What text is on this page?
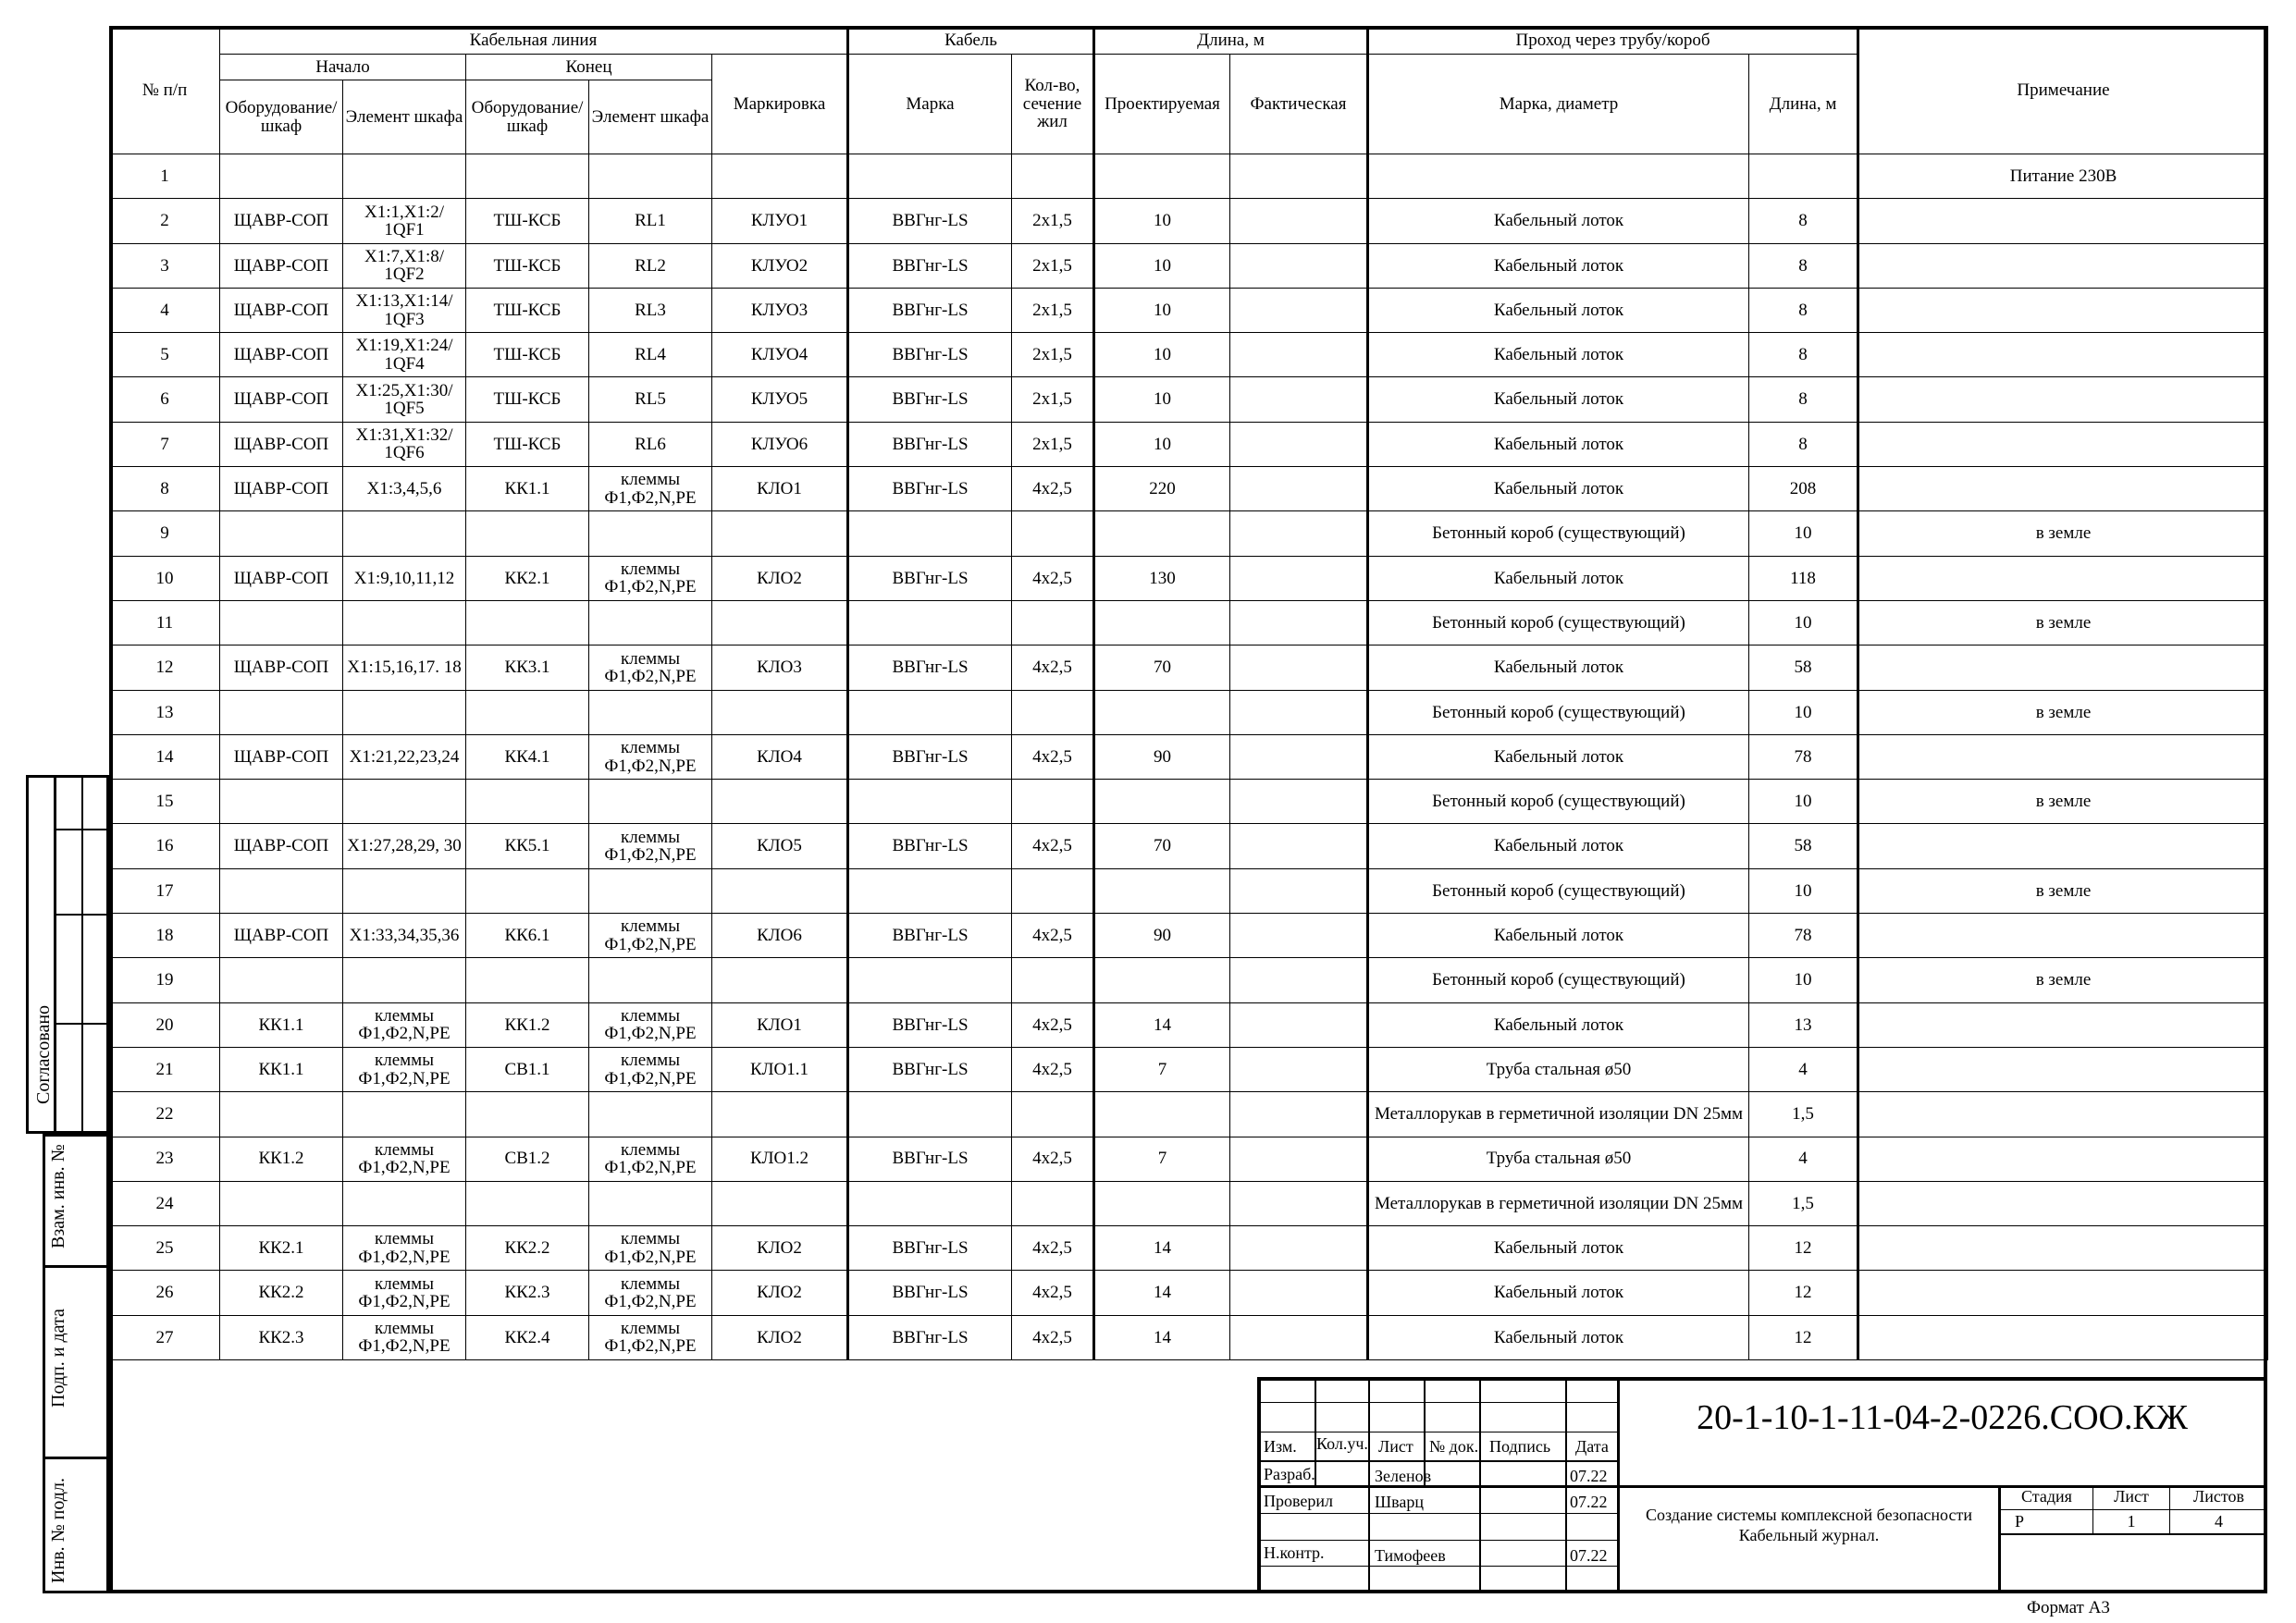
№ п/п	Кабельная линия					Кабель		Длина, м		Проход через трубу/короб		Примечание
	Начало		Конец		Маркировка	Марка	Кол-во, сечение жил	Проектируемая	Фактическая	Марка, диаметр	Длина, м	
	Оборудование/шкаф	Элемент шкафа	Оборудование/шкаф	Элемент шкафа								
1												Питание 230В
2	ЩАВР-СОП	X1:1,X1:2/ 1QF1	ТШ-КСБ	RL1	КЛУО1	ВВГнг-LS	2х1,5	10		Кабельный лоток	8	
3	ЩАВР-СОП	X1:7,X1:8/ 1QF2	ТШ-КСБ	RL2	КЛУО2	ВВГнг-LS	2х1,5	10		Кабельный лоток	8	
4	ЩАВР-СОП	X1:13,X1:14/ 1QF3	ТШ-КСБ	RL3	КЛУО3	ВВГнг-LS	2х1,5	10		Кабельный лоток	8	
5	ЩАВР-СОП	X1:19,X1:24/ 1QF4	ТШ-КСБ	RL4	КЛУО4	ВВГнг-LS	2х1,5	10		Кабельный лоток	8	
6	ЩАВР-СОП	X1:25,X1:30/ 1QF5	ТШ-КСБ	RL5	КЛУО5	ВВГнг-LS	2х1,5	10		Кабельный лоток	8	
7	ЩАВР-СОП	X1:31,X1:32/ 1QF6	ТШ-КСБ	RL6	КЛУО6	ВВГнг-LS	2х1,5	10		Кабельный лоток	8	
8	ЩАВР-СОП	X1:3,4,5,6	КК1.1	клеммы Ф1,Ф2,N,PE	КЛО1	ВВГнг-LS	4х2,5	220		Кабельный лоток	208	
9										Бетонный короб (существующий)	10	в земле
10	ЩАВР-СОП	X1:9,10,11,12	КК2.1	клеммы Ф1,Ф2,N,PE	КЛО2	ВВГнг-LS	4х2,5	130		Кабельный лоток	118	
11										Бетонный короб (существующий)	10	в земле
12	ЩАВР-СОП	X1:15,16,17. 18	КК3.1	клеммы Ф1,Ф2,N,PE	КЛО3	ВВГнг-LS	4х2,5	70		Кабельный лоток	58	
13										Бетонный короб (существующий)	10	в земле
14	ЩАВР-СОП	X1:21,22,23,24	КК4.1	клеммы Ф1,Ф2,N,PE	КЛО4	ВВГнг-LS	4х2,5	90		Кабельный лоток	78	
15										Бетонный короб (существующий)	10	в земле
16	ЩАВР-СОП	X1:27,28,29, 30	КК5.1	клеммы Ф1,Ф2,N,PE	КЛО5	ВВГнг-LS	4х2,5	70		Кабельный лоток	58	
17										Бетонный короб (существующий)	10	в земле
18	ЩАВР-СОП	X1:33,34,35,36	КК6.1	клеммы Ф1,Ф2,N,PE	КЛО6	ВВГнг-LS	4х2,5	90		Кабельный лоток	78	
19										Бетонный короб (существующий)	10	в земле
20	КК1.1	клеммы Ф1,Ф2,N,PE	КК1.2	клеммы Ф1,Ф2,N,PE	КЛО1	ВВГнг-LS	4х2,5	14		Кабельный лоток	13	
21	КК1.1	клеммы Ф1,Ф2,N,PE	СВ1.1	клеммы Ф1,Ф2,N,PE	КЛО1.1	ВВГнг-LS	4х2,5	7		Труба стальная ø50	4	
22										Металлорукав в герметичной изоляции DN 25мм	1,5	
23	КК1.2	клеммы Ф1,Ф2,N,PE	СВ1.2	клеммы Ф1,Ф2,N,PE	КЛО1.2	ВВГнг-LS	4х2,5	7		Труба стальная ø50	4	
24										Металлорукав в герметичной изоляции DN 25мм	1,5	
25	КК2.1	клеммы Ф1,Ф2,N,PE	КК2.2	клеммы Ф1,Ф2,N,PE	КЛО2	ВВГнг-LS	4х2,5	14		Кабельный лоток	12	
26	КК2.2	клеммы Ф1,Ф2,N,PE	КК2.3	клеммы Ф1,Ф2,N,PE	КЛО2	ВВГнг-LS	4х2,5	14		Кабельный лоток	12	
27	КК2.3	клеммы Ф1,Ф2,N,PE	КК2.4	клеммы Ф1,Ф2,N,PE	КЛО2	ВВГнг-LS	4х2,5	14		Кабельный лоток	12	
Согласовано
Взам. инв. №
Подп. и дата
Инв. № подл.
Изм. Кол.уч. Лист № док. Подпись Дата
Разраб.	Зеленов	07.22
Проверил	Шварц	07.22
Н.контр.	Тимофеев	07.22
20-1-10-1-11-04-2-0226.СОО.КЖ
Создание системы комплексной безопасности
Кабельный журнал.
Стадия	Лист	Листов
Р	1	4
Формат А3
